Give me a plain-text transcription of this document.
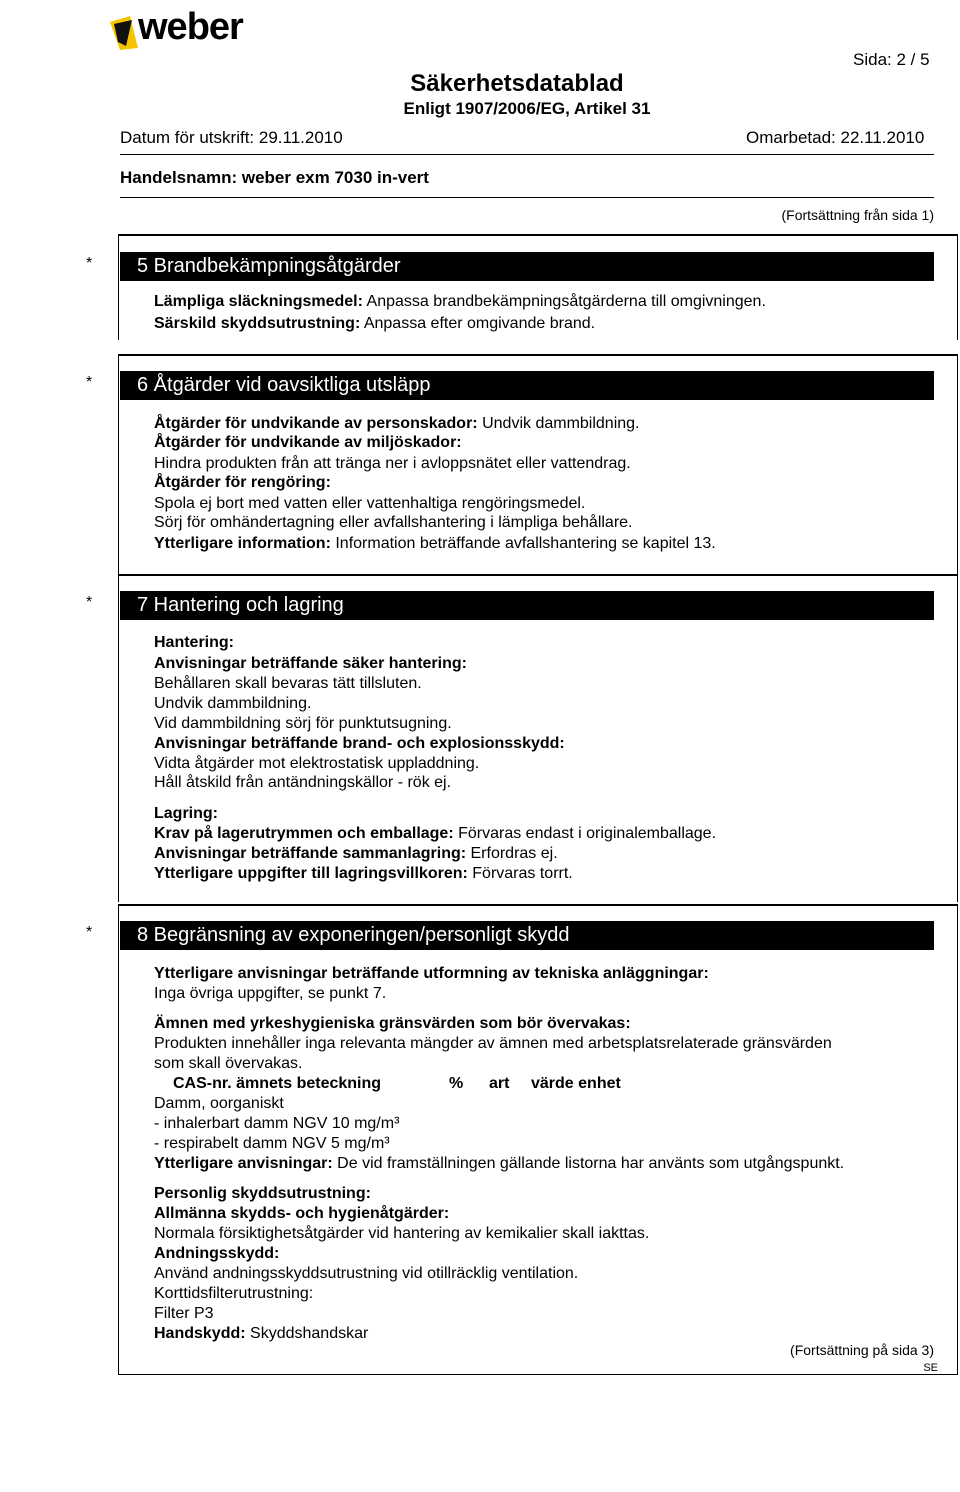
weber
Sida: 2 / 5
Säkerhetsdatablad
Enligt 1907/2006/EG, Artikel 31
Datum för utskrift: 29.11.2010	Omarbetad: 22.11.2010
Handelsnamn: weber exm 7030 in-vert
(Fortsättning från sida 1)
*	5 Brandbekämpningsåtgärder
Lämpliga släckningsmedel: Anpassa brandbekämpningsåtgärderna till omgivningen.
Särskild skyddsutrustning: Anpassa efter omgivande brand.
*	6 Åtgärder vid oavsiktliga utsläpp
Åtgärder för undvikande av personskador: Undvik dammbildning.
Åtgärder för undvikande av miljöskador:
Hindra produkten från att tränga ner i avloppsnätet eller vattendrag.
Åtgärder för rengöring:
Spola ej bort med vatten eller vattenhaltiga rengöringsmedel.
Sörj för omhändertagning eller avfallshantering i lämpliga behållare.
Ytterligare information: Information beträffande avfallshantering se kapitel 13.
*	7 Hantering och lagring
Hantering:
Anvisningar beträffande säker hantering:
Behållaren skall bevaras tätt tillsluten.
Undvik dammbildning.
Vid dammbildning sörj för punktutsugning.
Anvisningar beträffande brand- och explosionsskydd:
Vidta åtgärder mot elektrostatisk uppladdning.
Håll åtskild från antändningskällor - rök ej.
Lagring:
Krav på lagerutrymmen och emballage: Förvaras endast i originalemballage.
Anvisningar beträffande sammanlagring: Erfordras ej.
Ytterligare uppgifter till lagringsvillkoren: Förvaras torrt.
*	8 Begränsning av exponeringen/personligt skydd
Ytterligare anvisningar beträffande utformning av tekniska anläggningar:
Inga övriga uppgifter, se punkt 7.
Ämnen med yrkeshygieniska gränsvärden som bör övervakas:
Produkten innehåller inga relevanta mängder av ämnen med arbetsplatsrelaterade gränsvärden
som skall övervakas.
CAS-nr. ämnets beteckning	% art värde enhet
Damm, oorganiskt
- inhalerbart damm NGV 10 mg/m³
- respirabelt damm NGV 5 mg/m³
Ytterligare anvisningar: De vid framställningen gällande listorna har använts som utgångspunkt.
Personlig skyddsutrustning:
Allmänna skydds- och hygienåtgärder:
Normala försiktighetsåtgärder vid hantering av kemikalier skall iakttas.
Andningsskydd:
Använd andningsskyddsutrustning vid otillräcklig ventilation.
Korttidsfilterutrustning:
Filter P3
Handskydd: Skyddshandskar
(Fortsättning på sida 3)
SE
